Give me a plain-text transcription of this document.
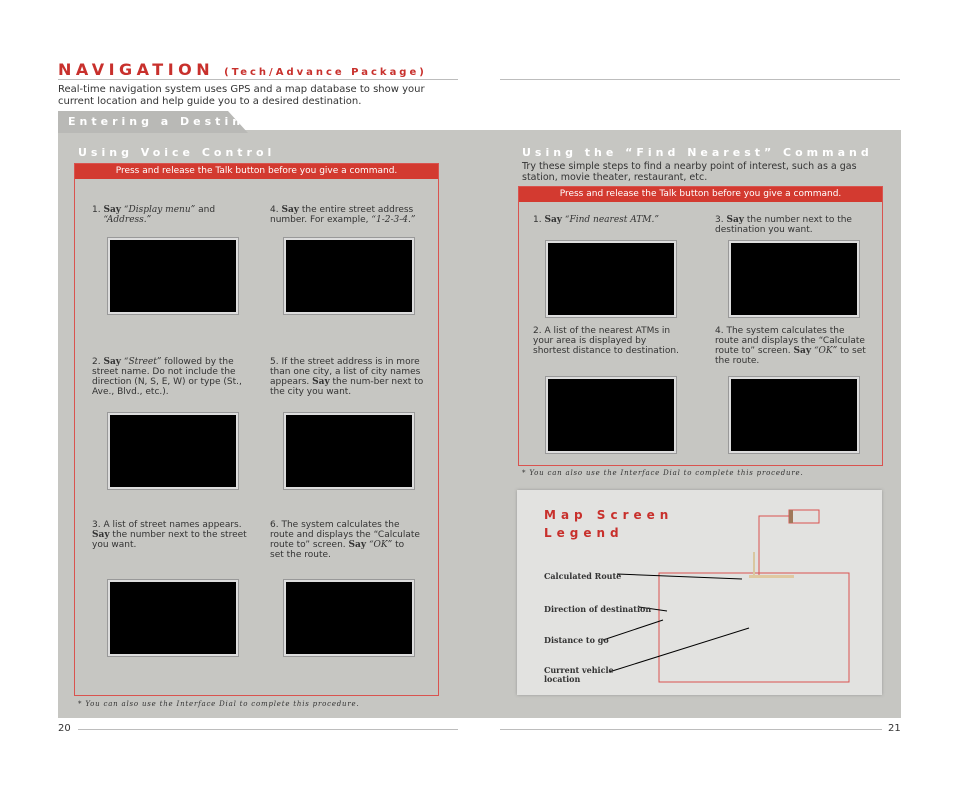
NAVIGATION (Tech/Advance Package)
Real-time navigation system uses GPS and a map database to show your current location and help guide you to a desired destination.
Entering a Destination
Using Voice Control
Press and release the Talk button before you give a command.
1. Say “Display menu” and
“Address.”
4. Say the entire street address number. For example, “1-2-3-4.”
2. Say “Street” followed by the street name. Do not include the direction (N, S, E, W) or type (St., Ave., Blvd., etc.).
5. If the street address is in more than one city, a list of city names appears. Say the num-ber next to the city you want.
3. A list of street names appears. Say the number next to the street you want.
6. The system calculates the route and displays the “Calculate route to” screen. Say “OK” to set the route.
* You can also use the Interface Dial to complete this procedure.
Using the “Find Nearest” Command
Try these simple steps to find a nearby point of interest, such as a gas station, movie theater, restaurant, etc.
Press and release the Talk button before you give a command.
1. Say “Find nearest ATM.”	3. Say the number next to the destination you want.
2. A list of the nearest ATMs in your area is displayed by shortest distance to destination.
4. The system calculates the route and displays the “Calculate route to” screen. Say “OK” to set the route.
* You can also use the Interface Dial to complete this procedure.
Map Screen
Legend
Calculated Route
Direction of destination
Distance to go
Current vehicle location
20	21
